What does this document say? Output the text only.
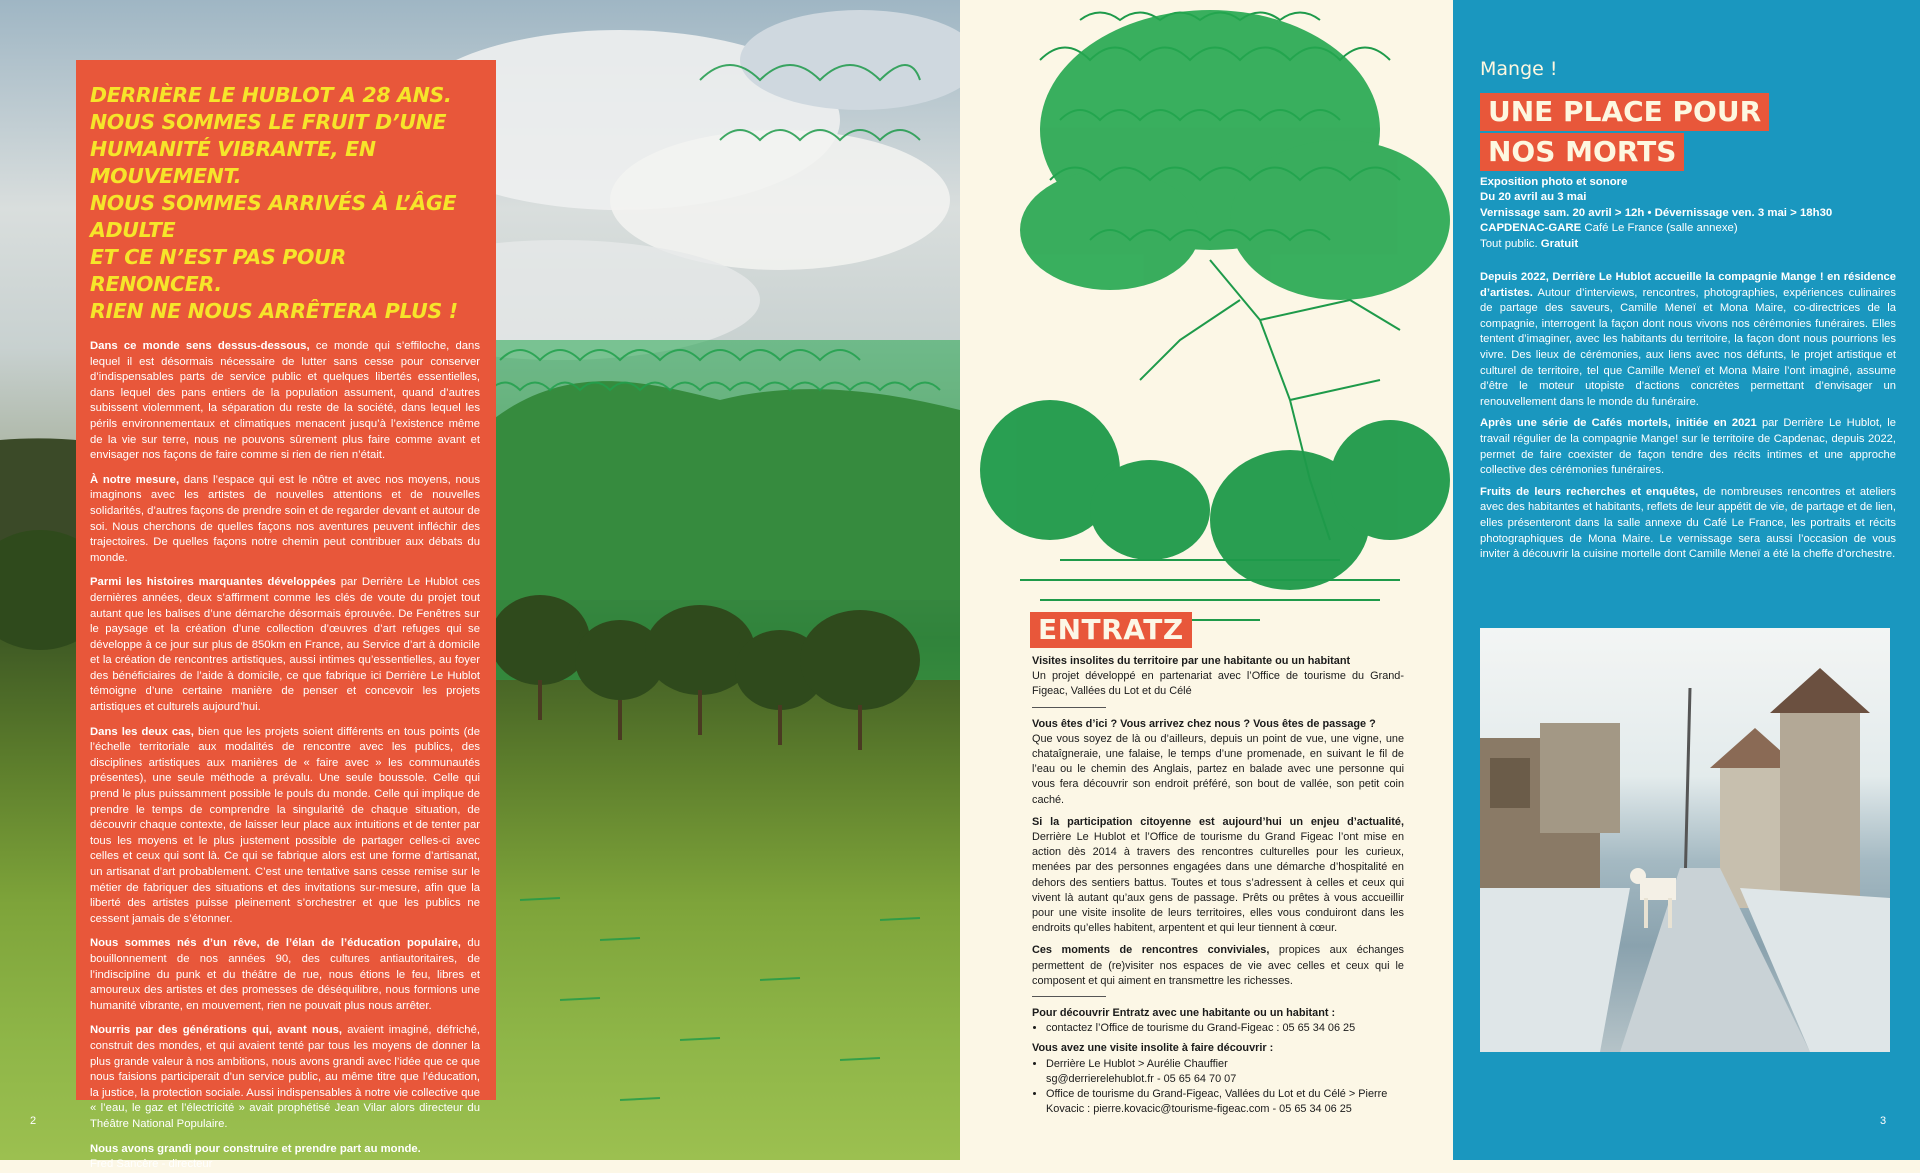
DERRIÈRE LE HUBLOT A 28 ANS.
NOUS SOMMES LE FRUIT D’UNE
HUMANITÉ VIBRANTE, EN MOUVEMENT.
NOUS SOMMES ARRIVÉS À L’ÂGE ADULTE
ET CE N’EST PAS POUR RENONCER.
RIEN NE NOUS ARRÊTERA PLUS !

Dans ce monde sens dessus-dessous, ce monde qui s’effiloche, dans lequel il est désormais nécessaire de lutter sans cesse pour conserver d’indispensables parts de service public et quelques libertés essentielles, dans lequel des pans entiers de la population assument, quand d’autres subissent violemment, la séparation du reste de la société, dans lequel les périls environnementaux et climatiques menacent jusqu’à l’existence même de la vie sur terre, nous ne pouvons sûrement plus faire comme avant et envisager nos façons de faire comme si rien de rien n’était.

À notre mesure, dans l’espace qui est le nôtre et avec nos moyens, nous imaginons avec les artistes de nouvelles attentions et de nouvelles solidarités, d’autres façons de prendre soin et de regarder devant et autour de soi. Nous cherchons de quelles façons nos aventures peuvent infléchir des trajectoires. De quelles façons notre chemin peut contribuer aux débats du monde.

Parmi les histoires marquantes développées par Derrière Le Hublot ces dernières années, deux s’affirment comme les clés de voute du projet tout autant que les balises d’une démarche désormais éprouvée. De Fenêtres sur le paysage et la création d’une collection d’œuvres d’art refuges qui se développe à ce jour sur plus de 850km en France, au Service d’art à domicile et la création de rencontres artistiques, aussi intimes qu’essentielles, au foyer des bénéficiaires de l’aide à domicile, ce que fabrique ici Derrière Le Hublot témoigne d’une certaine manière de penser et concevoir les projets artistiques et culturels aujourd’hui.

Dans les deux cas, bien que les projets soient différents en tous points (de l’échelle territoriale aux modalités de rencontre avec les publics, des disciplines artistiques aux manières de « faire avec » les communautés présentes), une seule méthode a prévalu. Une seule boussole. Celle qui prend le plus puissamment possible le pouls du monde. Celle qui implique de prendre le temps de comprendre la singularité de chaque situation, de découvrir chaque contexte, de laisser leur place aux intuitions et de tenter par tous les moyens et le plus justement possible de partager celles-ci avec celles et ceux qui sont là. Ce qui se fabrique alors est une forme d’artisanat, un artisanat d’art probablement. C’est une tentative sans cesse remise sur le métier de fabriquer des situations et des invitations sur-mesure, afin que la liberté des artistes puisse pleinement s’orchestrer et que les publics ne cessent jamais de s’étonner.

Nous sommes nés d’un rêve, de l’élan de l’éducation populaire, du bouillonnement de nos années 90, des cultures antiautoritaires, de l’indiscipline du punk et du théâtre de rue, nous étions le feu, libres et amoureux des artistes et des promesses de déséquilibre, nous formions une humanité vibrante, en mouvement, rien ne pouvait plus nous arrêter.

Nourris par des générations qui, avant nous, avaient imaginé, défriché, construit des mondes, et qui avaient tenté par tous les moyens de donner la plus grande valeur à nos ambitions, nous avons grandi avec l’idée que ce que nous faisions participerait d’un service public, au même titre que l’éducation, la justice, la protection sociale. Aussi indispensables à notre vie collective que « l’eau, le gaz et l’électricité » avait prophétisé Jean Vilar alors directeur du Théâtre National Populaire.

Nous avons grandi pour construire et prendre part au monde.

Fred Sancère - directeur
2
ENTRATZ

Visites insolites du territoire par une habitante ou un habitant

Un projet développé en partenariat avec l’Office de tourisme du Grand-Figeac, Vallées du Lot et du Célé

Vous êtes d’ici ? Vous arrivez chez nous ? Vous êtes de passage ?

Que vous soyez de là ou d’ailleurs, depuis un point de vue, une vigne, une chataîgneraie, une falaise, le temps d’une promenade, en suivant le fil de l’eau ou le chemin des Anglais, partez en balade avec une personne qui vous fera découvrir son endroit préféré, son bout de vallée, son petit coin caché.

Si la participation citoyenne est aujourd’hui un enjeu d’actualité, Derrière Le Hublot et l’Office de tourisme du Grand Figeac l’ont mise en action dès 2014 à travers des rencontres culturelles pour les curieux, menées par des personnes engagées dans une démarche d’hospitalité en dehors des sentiers battus. Toutes et tous s’adressent à celles et ceux qui vivent là autant qu’aux gens de passage. Prêts ou prêtes à vous accueillir pour une visite insolite de leurs territoires, elles vous conduiront dans les endroits qu’elles habitent, arpentent et qui leur tiennent à cœur.

Ces moments de rencontres conviviales, propices aux échanges permettent de (re)visiter nos espaces de vie avec celles et ceux qui le composent et qui aiment en transmettre les richesses.

Pour découvrir Entratz avec une habitante ou un habitant :

• contactez l’Office de tourisme du Grand-Figeac : 05 65 34 06 25

Vous avez une visite insolite à faire découvrir :

• Derrière Le Hublot > Aurélie Chauffier
sg@derrierelehublot.fr - 05 65 64 70 07
• Office de tourisme du Grand-Figeac, Vallées du Lot et du Célé > Pierre Kovacic : pierre.kovacic@tourisme-figeac.com - 05 65 34 06 25
Mange !
UNE PLACE POUR
NOS MORTS
Exposition photo et sonore
Du 20 avril au 3 mai
Vernissage sam. 20 avril > 12h • Dévernissage ven. 3 mai > 18h30
CAPDENAC-GARE Café Le France (salle annexe)
Tout public. Gratuit

Depuis 2022, Derrière Le Hublot accueille la compagnie Mange ! en résidence d’artistes. Autour d’interviews, rencontres, photographies, expériences culinaires de partage des saveurs, Camille Meneï et Mona Maire, co-directrices de la compagnie, interrogent la façon dont nous vivons nos cérémonies funéraires. Elles tentent d’imaginer, avec les habitants du territoire, la façon dont nous pourrions les vivre. Des lieux de cérémonies, aux liens avec nos défunts, le projet artistique et culturel de territoire, tel que Camille Meneï et Mona Maire l’ont imaginé, assume d’être le moteur utopiste d’actions concrètes permettant d’envisager un renouvellement dans le monde du funéraire.

Après une série de Cafés mortels, initiée en 2021 par Derrière Le Hublot, le travail régulier de la compagnie Mange! sur le territoire de Capdenac, depuis 2022, permet de faire coexister de façon tendre des récits intimes et une approche collective des cérémonies funéraires.

Fruits de leurs recherches et enquêtes, de nombreuses rencontres et ateliers avec des habitantes et habitants, reflets de leur appétit de vie, de partage et de lien, elles présenteront dans la salle annexe du Café Le France, les portraits et récits photographiques de Mona Maire. Le vernissage sera aussi l’occasion de vous inviter à découvrir la cuisine mortelle dont Camille Meneï a été la cheffe d’orchestre.

3
